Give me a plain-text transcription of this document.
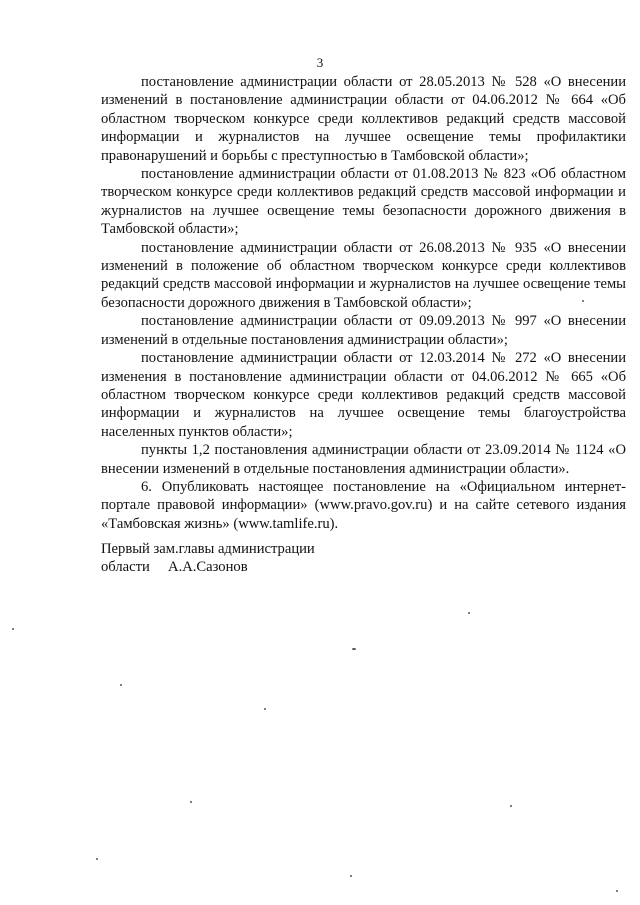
3

постановление администрации области от 28.05.2013 № 528 «О внесении изменений в постановление администрации области от 04.06.2012 № 664 «Об областном творческом конкурсе среди коллективов редакций средств массовой информации и журналистов на лучшее освещение темы профилактики правонарушений и борьбы с преступностью в Тамбовской области»;

постановление администрации области от 01.08.2013 № 823 «Об областном творческом конкурсе среди коллективов редакций средств массовой информации и журналистов на лучшее освещение темы безопасности дорожного движения в Тамбовской области»;

постановление администрации области от 26.08.2013 № 935 «О внесении изменений в положение об областном творческом конкурсе среди коллективов редакций средств массовой информации и журналистов на лучшее освещение темы безопасности дорожного движения в Тамбовской области»;

постановление администрации области от 09.09.2013 № 997 «О внесении изменений в отдельные постановления администрации области»;

постановление администрации области от 12.03.2014 № 272 «О внесении изменения в постановление администрации области от 04.06.2012 № 665 «Об областном творческом конкурсе среди коллективов редакций средств массовой информации и журналистов на лучшее освещение темы благоустройства населенных пунктов области»;

пункты 1,2 постановления администрации области от 23.09.2014 № 1124 «О внесении изменений в отдельные постановления администрации области».

6. Опубликовать настоящее постановление на «Официальном интернет-портале правовой информации» (www.pravo.gov.ru) и на сайте сетевого издания «Тамбовская жизнь» (www.tamlife.ru).

Первый зам.главы администрации

области     А.А.Сазонов
